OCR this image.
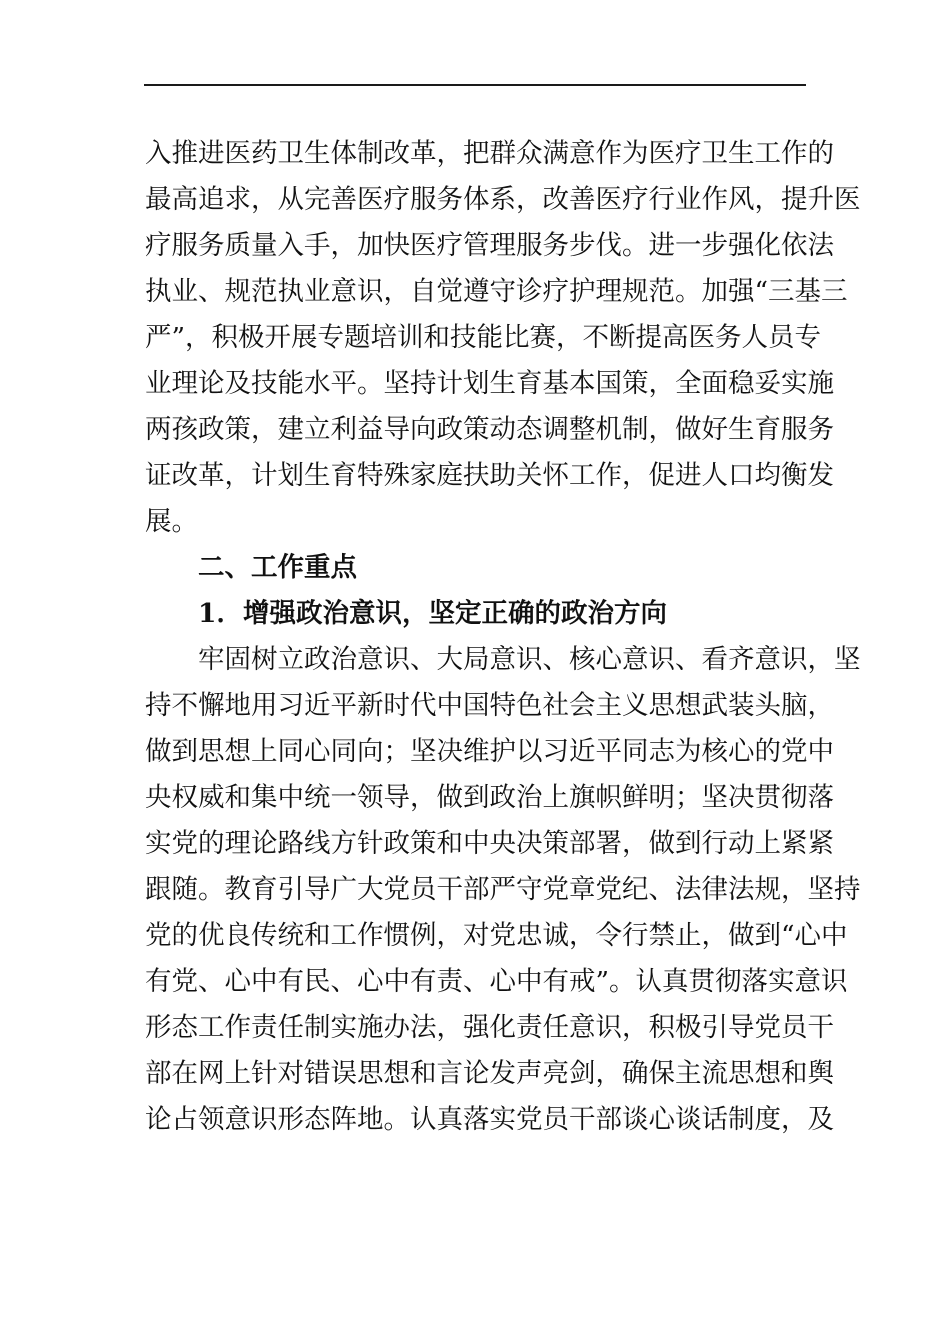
入推进医药卫生体制改革，把群众满意作为医疗卫生工作的
最高追求，从完善医疗服务体系，改善医疗行业作风，提升医
疗服务质量入手，加快医疗管理服务步伐。进一步强化依法
执业、规范执业意识，自觉遵守诊疗护理规范。加强“三基三
严”，积极开展专题培训和技能比赛，不断提高医务人员专
业理论及技能水平。坚持计划生育基本国策，全面稳妥实施
两孩政策，建立利益导向政策动态调整机制，做好生育服务
证改革，计划生育特殊家庭扶助关怀工作，促进人口均衡发
展。
二、工作重点
1．增强政治意识，坚定正确的政治方向
牢固树立政治意识、大局意识、核心意识、看齐意识，坚
持不懈地用习近平新时代中国特色社会主义思想武装头脑，
做到思想上同心同向；坚决维护以习近平同志为核心的党中
央权威和集中统一领导，做到政治上旗帜鲜明；坚决贯彻落
实党的理论路线方针政策和中央决策部署，做到行动上紧紧
跟随。教育引导广大党员干部严守党章党纪、法律法规，坚持
党的优良传统和工作惯例，对党忠诚，令行禁止，做到“心中
有党、心中有民、心中有责、心中有戒”。认真贯彻落实意识
形态工作责任制实施办法，强化责任意识，积极引导党员干
部在网上针对错误思想和言论发声亮剑，确保主流思想和舆
论占领意识形态阵地。认真落实党员干部谈心谈话制度，及
